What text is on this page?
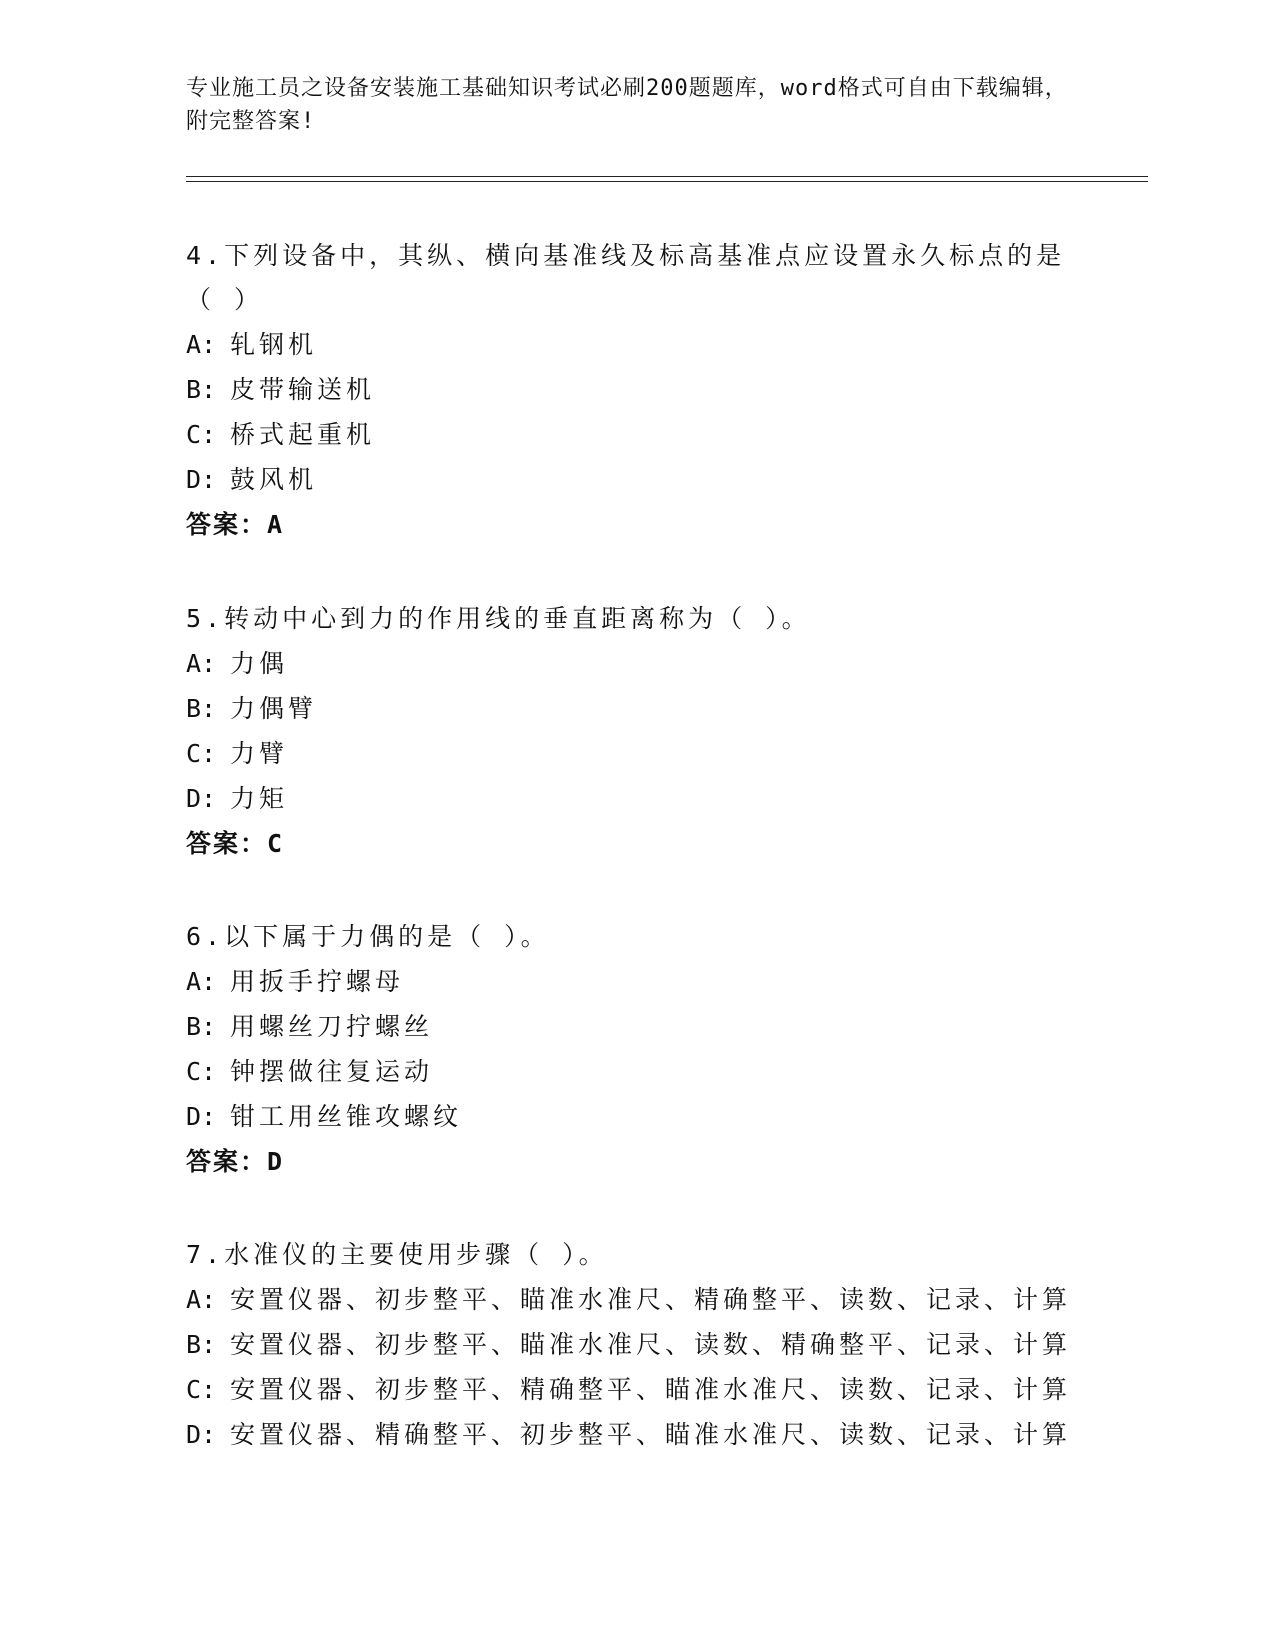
专业施工员之设备安装施工基础知识考试必刷200题题库，word格式可自由下载编辑，附完整答案!
4.下列设备中，其纵、横向基准线及标高基准点应设置永久标点的是（ ）
A: 轧钢机
B: 皮带输送机
C: 桥式起重机
D: 鼓风机
答案：A
5.转动中心到力的作用线的垂直距离称为（ ）。
A: 力偶
B: 力偶臂
C: 力臂
D: 力矩
答案：C
6.以下属于力偶的是（ ）。
A: 用扳手拧螺母
B: 用螺丝刀拧螺丝
C: 钟摆做往复运动
D: 钳工用丝锥攻螺纹
答案：D
7.水准仪的主要使用步骤（ ）。
A: 安置仪器、初步整平、瞄准水准尺、精确整平、读数、记录、计算
B: 安置仪器、初步整平、瞄准水准尺、读数、精确整平、记录、计算
C: 安置仪器、初步整平、精确整平、瞄准水准尺、读数、记录、计算
D: 安置仪器、精确整平、初步整平、瞄准水准尺、读数、记录、计算
